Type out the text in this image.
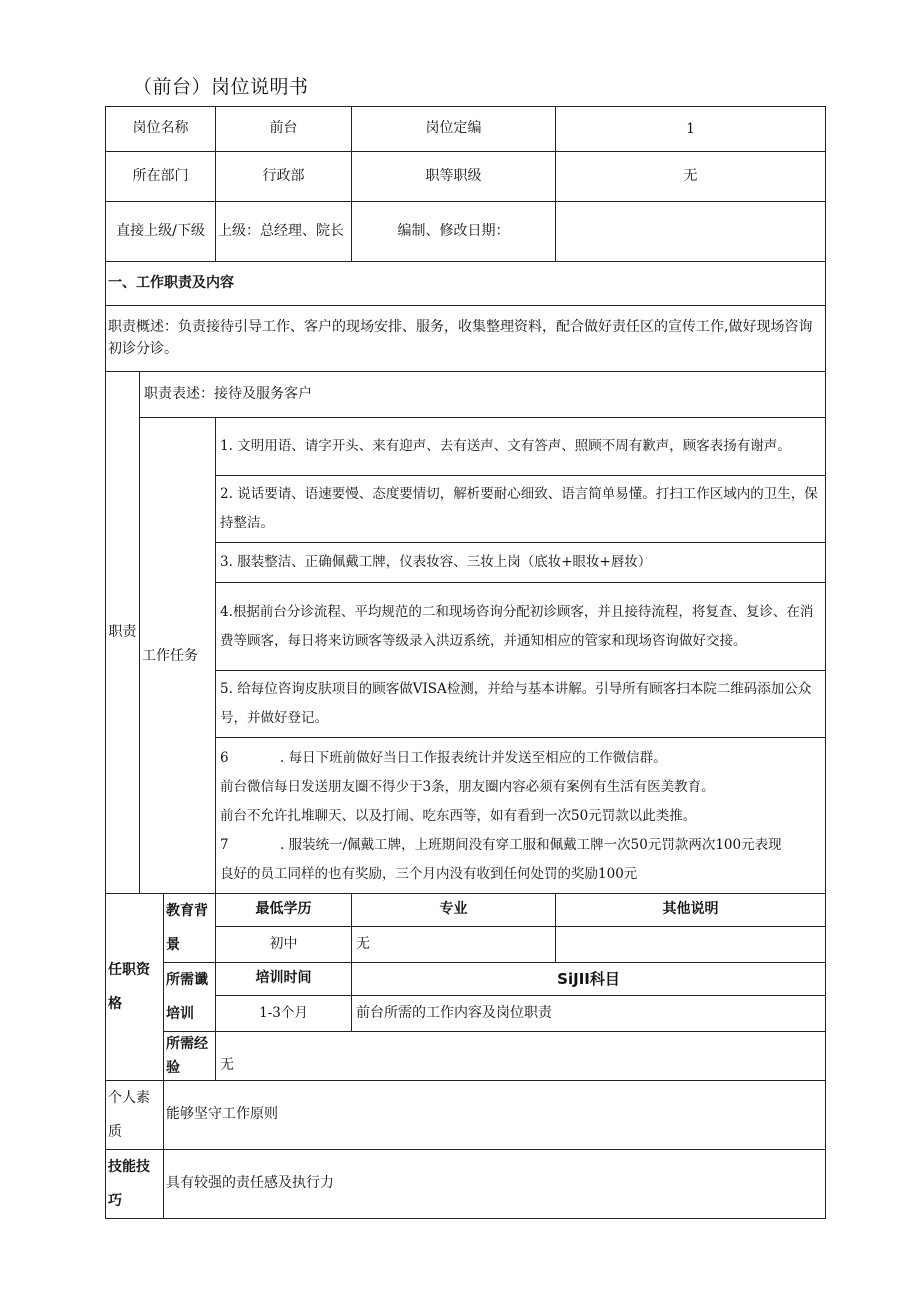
（前台）岗位说明书
岗位名称			前台	岗位定编	1
所在部门			行政部	职等职级	无
直接上级/下级			上级：总经理、院长	编制、修改日期：	
一、工作职责及内容					
职责概述：负责接待引导工作、客户的现场安排、服务，收集整理资料，配合做好责任区的宣传工作,做好现场咨询初诊分诊。					
职责	职责表述：接待及服务客户				
	工作任务		1. 文明用语、请字开头、来有迎声、去有送声、文有答声、照顾不周有歉声，顾客表扬有谢声。		
			2. 说话要请、语速要慢、态度要情切，解析要耐心细致、语言简单易懂。打扫工作区域内的卫生，保持整洁。		
			3. 服装整洁、正确佩戴工牌，仪表妆容、三妆上岗（底妆+眼妆+唇妆）		
			4.根据前台分诊流程、平均规范的二和现场咨询分配初诊顾客，并且接待流程，将复查、复诊、在消费等顾客，每日将来访顾客等级录入洪迈系统，并通知相应的管家和现场咨询做好交接。		
			5. 给每位咨询皮肤项目的顾客做VISA检测，并给与基本讲解。引导所有顾客扫本院二维码添加公众号，并做好登记。		

			6 . 每日下班前做好当日工作报表统计并发送至相应的工作微信群。

前台微信每日发送朋友圈不得少于3条，朋友圈内容必须有案例有生活有医美教育。

前台不允许扎堆聊天、以及打闹、吃东西等，如有看到一次50元罚款以此类推。

7 . 服装统一/佩戴工牌，上班期间没有穿工服和佩戴工牌一次50元罚款两次100元表现

良好的员工同样的也有奖励，三个月内没有收到任何处罚的奖励100元		

任职资格		教育背景	最低学历	专业	其他说明
			初中	无	
		所需谶培训	培训时间	SiJII科目	
			1-3个月	前台所需的工作内容及岗位职责	
		所需经验	无		
个人素质		能够坚守工作原则			
技能技巧		具有较强的责任感及执行力			
